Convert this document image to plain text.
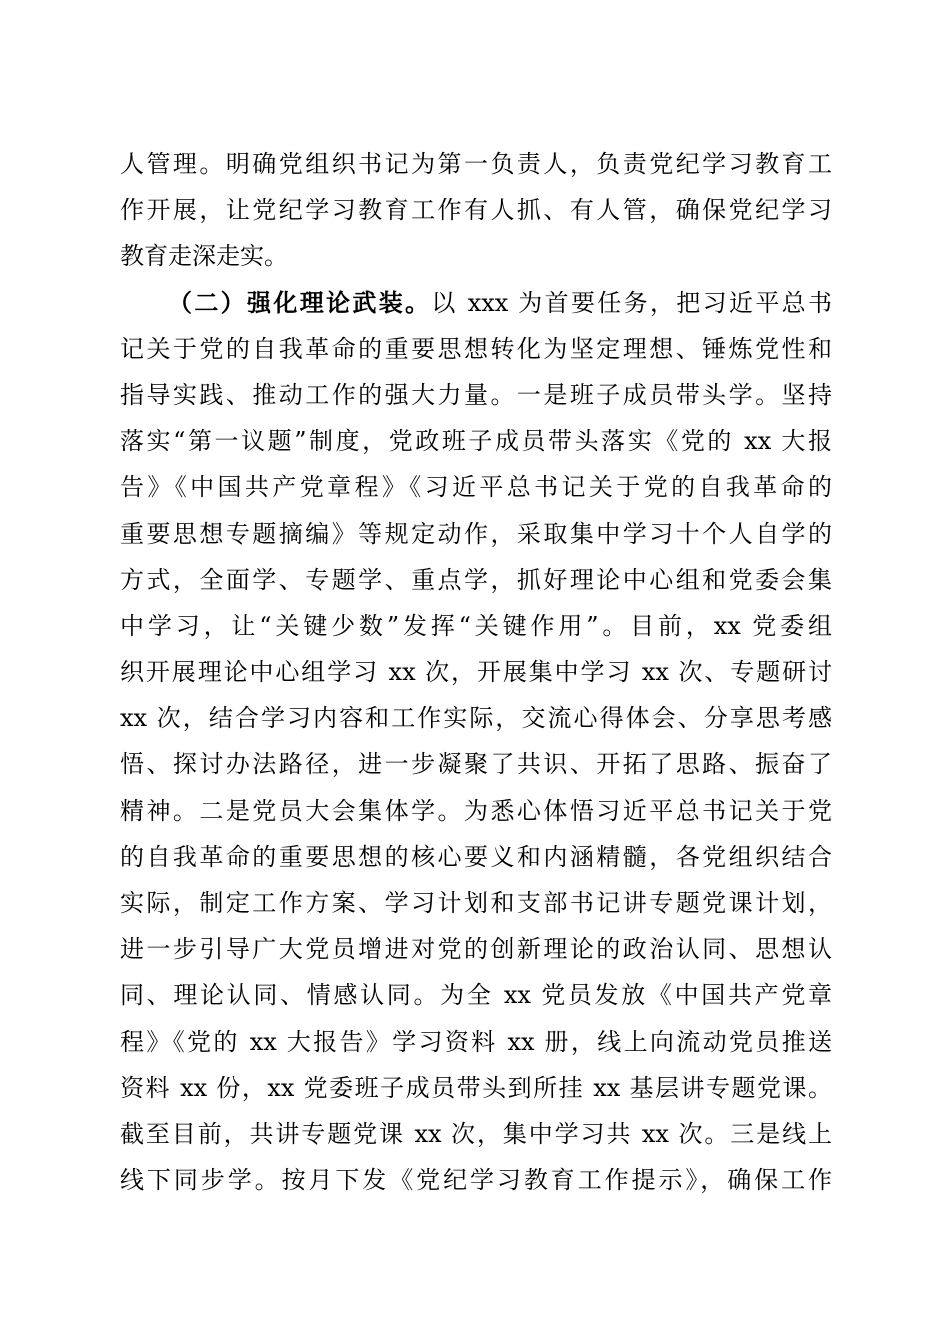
人管理。明确党组织书记为第一负责人，负责党纪学习教育工
作开展，让党纪学习教育工作有人抓、有人管，确保党纪学习
教育走深走实。
（二）强化理论武装。以 xxx 为首要任务，把习近平总书
记关于党的自我革命的重要思想转化为坚定理想、锤炼党性和
指导实践、推动工作的强大力量。一是班子成员带头学。坚持
落实“第一议题”制度，党政班子成员带头落实《党的 xx 大报
告》《中国共产党章程》《习近平总书记关于党的自我革命的
重要思想专题摘编》等规定动作，采取集中学习十个人自学的
方式，全面学、专题学、重点学，抓好理论中心组和党委会集
中学习，让“关键少数”发挥“关键作用”。目前，xx 党委组
织开展理论中心组学习 xx 次，开展集中学习 xx 次、专题研讨
xx 次，结合学习内容和工作实际，交流心得体会、分享思考感
悟、探讨办法路径，进一步凝聚了共识、开拓了思路、振奋了
精神。二是党员大会集体学。为悉心体悟习近平总书记关于党
的自我革命的重要思想的核心要义和内涵精髓，各党组织结合
实际，制定工作方案、学习计划和支部书记讲专题党课计划，
进一步引导广大党员增进对党的创新理论的政治认同、思想认
同、理论认同、情感认同。为全 xx 党员发放《中国共产党章
程》《党的 xx 大报告》学习资料 xx 册，线上向流动党员推送
资料 xx 份，xx 党委班子成员带头到所挂 xx 基层讲专题党课。
截至目前，共讲专题党课 xx 次，集中学习共 xx 次。三是线上
线下同步学。按月下发《党纪学习教育工作提示》，确保工作
